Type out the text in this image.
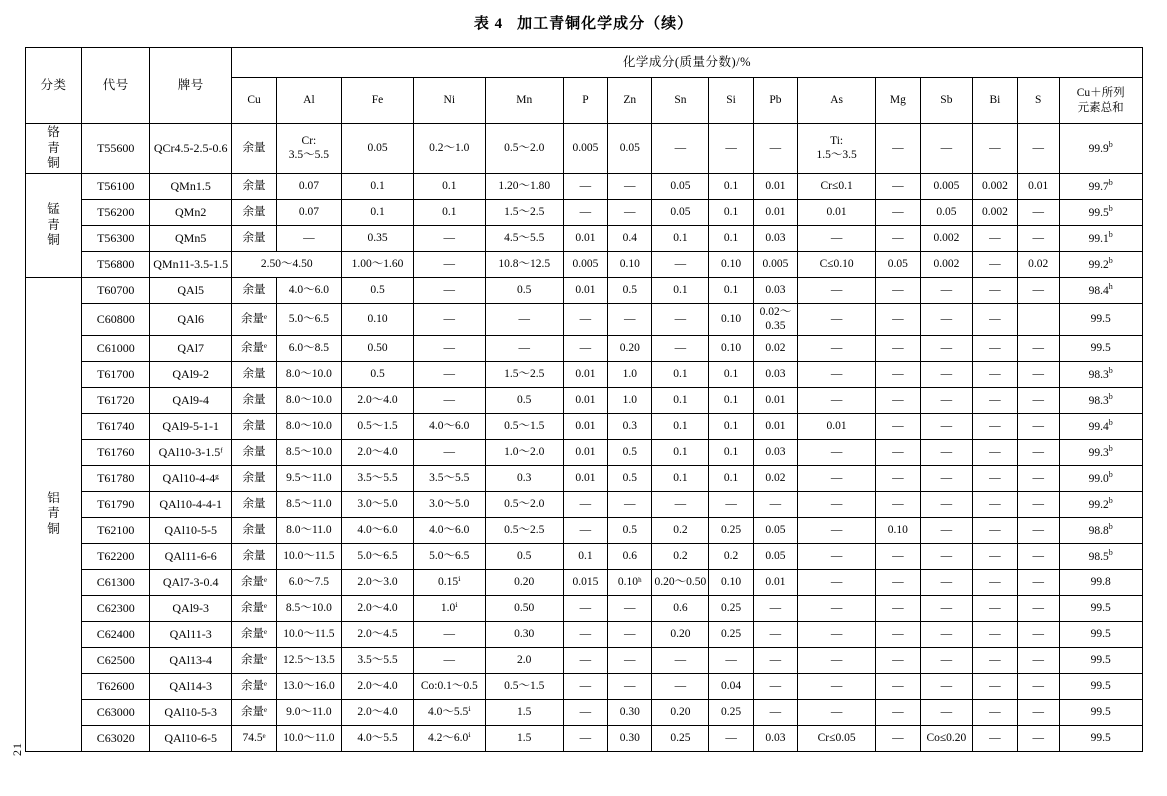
表 4 加工青铜化学成分（续）
21
分类	代号	牌号	化学成分(质量分数)/%															
			Cu	Al	Fe	Ni	Mn	P	Zn	Sn	Si	Pb	As	Mg	Sb	Bi	S	Cu＋所列
元素总和
铬
青
铜	T55600	QCr4.5-2.5-0.6	余量	Cr:
3.5～5.5	0.05	0.2～1.0	0.5～2.0	0.005	0.05	—	—	—	Ti:
1.5～3.5	—	—	—	—	99.9$^b$
锰
青
铜	T56100	QMn1.5	余量	0.07	0.1	0.1	1.20～1.80	—	—	0.05	0.1	0.01	Cr≤0.1	—	0.005	0.002	0.01	99.7$^b$
	T56200	QMn2	余量	0.07	0.1	0.1	1.5～2.5	—	—	0.05	0.1	0.01	0.01	—	0.05	0.002	—	99.5$^b$
	T56300	QMn5	余量	—	0.35	—	4.5～5.5	0.01	0.4	0.1	0.1	0.03	—	—	0.002	—	—	99.1$^b$
	T56800	QMn11-3.5-1.5	2.50～4.50		1.00～1.60	—	10.8～12.5	0.005	0.10	—	0.10	0.005	C≤0.10	0.05	0.002	—	0.02	99.2$^b$
铝
青
铜	T60700	QAl5	余量	4.0～6.0	0.5	—	0.5	0.01	0.5	0.1	0.1	0.03	—	—	—	—	—	98.4$^h$
	C60800	QAl6	余量ᵉ	5.0～6.5	0.10	—	—	—	—	—	0.10	0.02～0.35	—	—	—	—		99.5
	C61000	QAl7	余量ᵉ	6.0～8.5	0.50	—	—	—	0.20	—	0.10	0.02	—	—	—	—	—	99.5
	T61700	QAl9-2	余量	8.0～10.0	0.5	—	1.5～2.5	0.01	1.0	0.1	0.1	0.03	—	—	—	—	—	98.3$^b$
	T61720	QAl9-4	余量	8.0～10.0	2.0～4.0	—	0.5	0.01	1.0	0.1	0.1	0.01	—	—	—	—	—	98.3$^b$
	T61740	QAl9-5-1-1	余量	8.0～10.0	0.5～1.5	4.0～6.0	0.5～1.5	0.01	0.3	0.1	0.1	0.01	0.01	—	—	—	—	99.4$^b$
	T61760	QAl10-3-1.5ᶠ	余量	8.5～10.0	2.0～4.0	—	1.0～2.0	0.01	0.5	0.1	0.1	0.03	—	—	—	—	—	99.3$^b$
	T61780	QAl10-4-4ᵍ	余量	9.5～11.0	3.5～5.5	3.5～5.5	0.3	0.01	0.5	0.1	0.1	0.02	—	—	—	—	—	99.0$^b$
	T61790	QAl10-4-4-1	余量	8.5～11.0	3.0～5.0	3.0～5.0	0.5～2.0	—	—	—	—	—	—	—	—	—	—	99.2$^b$
	T62100	QAl10-5-5	余量	8.0～11.0	4.0～6.0	4.0～6.0	0.5～2.5	—	0.5	0.2	0.25	0.05	—	0.10	—	—	—	98.8$^b$
	T62200	QAl11-6-6	余量	10.0～11.5	5.0～6.5	5.0～6.5	0.5	0.1	0.6	0.2	0.2	0.05	—	—	—	—	—	98.5$^b$
	C61300	QAl7-3-0.4	余量ᵉ	6.0～7.5	2.0～3.0	0.15ⁱ	0.20	0.015	0.10ʰ	0.20～0.50	0.10	0.01	—	—	—	—	—	99.8
	C62300	QAl9-3	余量ᵉ	8.5～10.0	2.0～4.0	1.0ⁱ	0.50	—	—	0.6	0.25	—	—	—	—	—	—	99.5
	C62400	QAl11-3	余量ᵉ	10.0～11.5	2.0～4.5	—	0.30	—	—	0.20	0.25	—	—	—	—	—	—	99.5
	C62500	QAl13-4	余量ᵉ	12.5～13.5	3.5～5.5	—	2.0	—	—	—	—	—	—	—	—	—	—	99.5
	T62600	QAl14-3	余量ᵉ	13.0～16.0	2.0～4.0	Co:0.1～0.5	0.5～1.5	—	—	—	0.04	—	—	—	—	—	—	99.5
	C63000	QAl10-5-3	余量ᵉ	9.0～11.0	2.0～4.0	4.0～5.5ⁱ	1.5	—	0.30	0.20	0.25	—	—	—	—	—	—	99.5
	C63020	QAl10-6-5	74.5ᵉ	10.0～11.0	4.0～5.5	4.2～6.0ⁱ	1.5	—	0.30	0.25	—	0.03	Cr≤0.05	—	Co≤0.20	—	—	99.5
